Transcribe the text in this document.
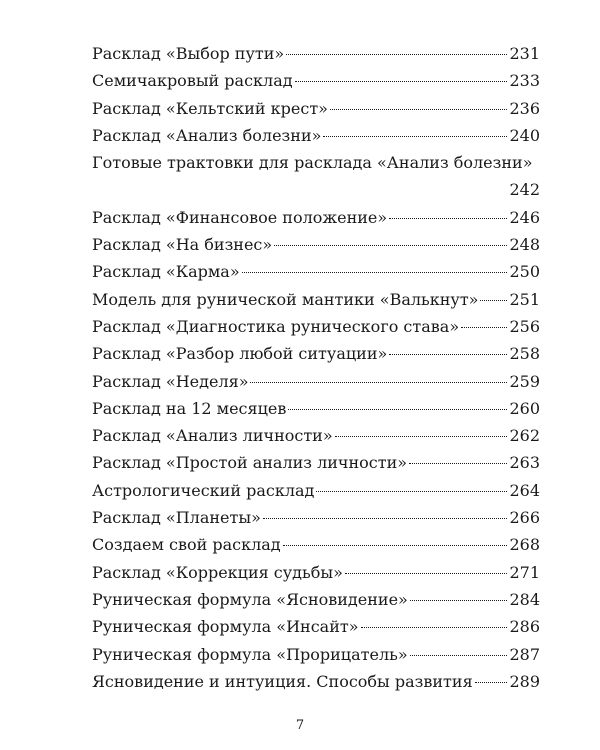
Расклад «Выбор пути»	231
Семичакровый расклад	233
Расклад «Кельтский крест»	236
Расклад «Анализ болезни»	240
Готовые трактовки для расклада «Анализ болезни»
242
Расклад «Финансовое положение»	246
Расклад «На бизнес»	248
Расклад «Карма»	250
Модель для рунической мантики «Валькнут» 251
Расклад «Диагностика рунического става»	256
Расклад «Разбор любой ситуации»	258
Расклад «Неделя»	259
Расклад на 12 месяцев	260
Расклад «Анализ личности»	262
Расклад «Простой анализ личности»	263
Астрологический расклад	264
Расклад «Планеты»	266
Создаем свой расклад	268
Расклад «Коррекция судьбы»	271
Руническая формула «Ясновидение»	284
Руническая формула «Инсайт»	286
Руническая формула «Прорицатель»	287
Ясновидение и интуиция. Способы развития 289
7
